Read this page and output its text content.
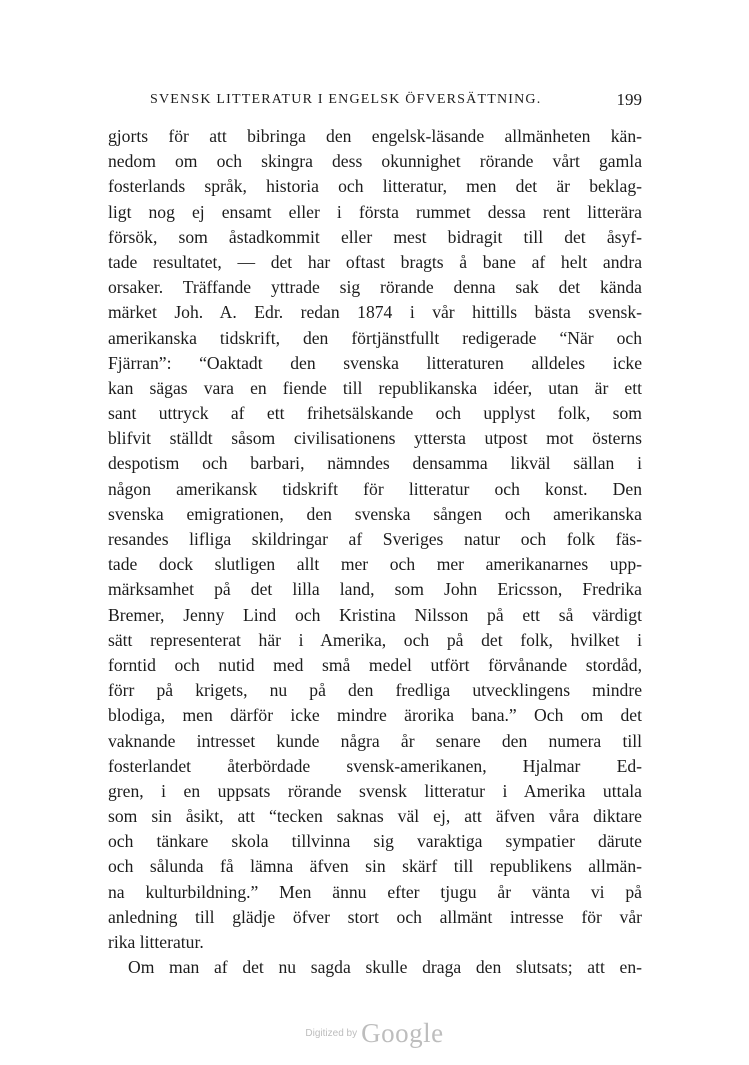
SVENSK LITTERATUR I ENGELSK ÖFVERSÄTTNING.	199
gjorts för att bibringa den engelsk-läsande allmänheten kän-
nedom om och skingra dess okunnighet rörande vårt gamla
fosterlands språk, historia och litteratur, men det är beklag-
ligt nog ej ensamt eller i första rummet dessa rent litterära
försök, som åstadkommit eller mest bidragit till det åsyf-
tade resultatet, — det har oftast bragts å bane af helt andra
orsaker. Träffande yttrade sig rörande denna sak det kända
märket Joh. A. Edr. redan 1874 i vår hittills bästa svensk-
amerikanska tidskrift, den förtjänstfullt redigerade “När och
Fjärran”: “Oaktadt den svenska litteraturen alldeles icke
kan sägas vara en fiende till republikanska idéer, utan är ett
sant uttryck af ett frihetsälskande och upplyst folk, som
blifvit ställdt såsom civilisationens yttersta utpost mot österns
despotism och barbari, nämndes densamma likväl sällan i
någon amerikansk tidskrift för litteratur och konst. Den
svenska emigrationen, den svenska sången och amerikanska
resandes lifliga skildringar af Sveriges natur och folk fäs-
tade dock slutligen allt mer och mer amerikanarnes upp-
märksamhet på det lilla land, som John Ericsson, Fredrika
Bremer, Jenny Lind och Kristina Nilsson på ett så värdigt
sätt representerat här i Amerika, och på det folk, hvilket i
forntid och nutid med små medel utfört förvånande stordåd,
förr på krigets, nu på den fredliga utvecklingens mindre
blodiga, men därför icke mindre ärorika bana.” Och om det
vaknande intresset kunde några år senare den numera till
fosterlandet återbördade svensk-amerikanen, Hjalmar Ed-
gren, i en uppsats rörande svensk litteratur i Amerika uttala
som sin åsikt, att “tecken saknas väl ej, att äfven våra diktare
och tänkare skola tillvinna sig varaktiga sympatier därute
och sålunda få lämna äfven sin skärf till republikens allmän-
na kulturbildning.” Men ännu efter tjugu år vänta vi på
anledning till glädje öfver stort och allmänt intresse för vår
rika litteratur.
Om man af det nu sagda skulle draga den slutsats; att en-
Digitized by Google
